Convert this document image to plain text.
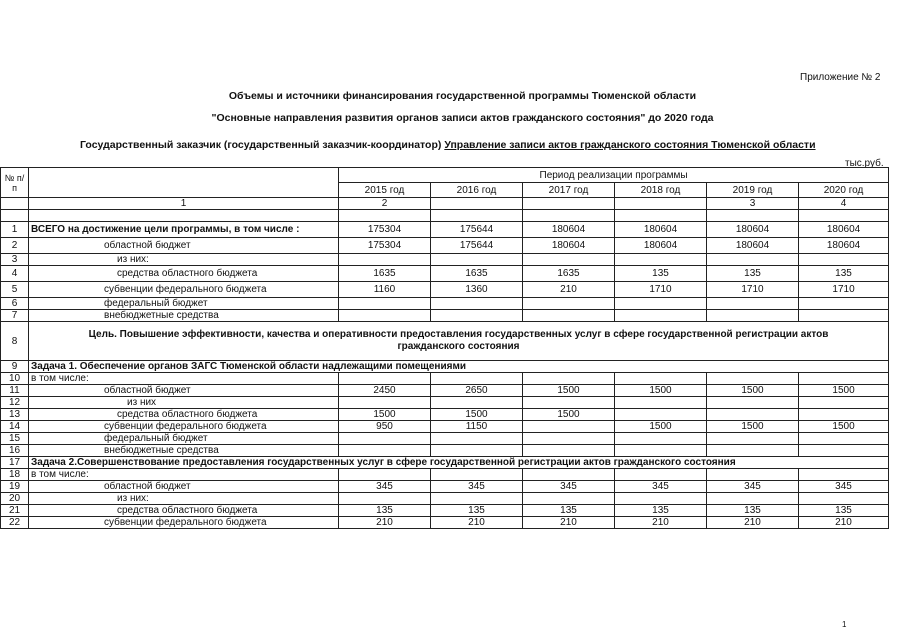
Приложение № 2
Объемы и источники финансирования государственной программы Тюменской области
"Основные направления развития органов записи актов гражданского состояния" до 2020 года
Государственный заказчик (государственный заказчик-координатор) Управление записи актов гражданского состояния Тюменской области
тыс.руб.
№ п/п		Период реализации программы					
		2015 год	2016 год	2017 год	2018 год	2019 год	2020 год
	1	2				3	4

1	ВСЕГО на достижение цели программы, в том числе :	175304	175644	180604	180604	180604	180604
2	областной бюджет	175304	175644	180604	180604	180604	180604
3	из них:						
4	средства областного бюджета	1635	1635	1635	135	135	135
5	субвенции федерального бюджета	1160	1360	210	1710	1710	1710
6	федеральный бюджет						
7	внебюджетные средства						
8	Цель. Повышение эффективности, качества и оперативности предоставления государственных услуг в сфере государственной регистрации актов гражданского состояния						
9	Задача 1. Обеспечение органов ЗАГС Тюменской области надлежащими помещениями						
10	в том числе:						
11	областной бюджет	2450	2650	1500	1500	1500	1500
12	из них						
13	средства областного бюджета	1500	1500	1500			
14	субвенции федерального бюджета	950	1150		1500	1500	1500
15	федеральный бюджет						
16	внебюджетные средства						
17	Задача 2.Совершенствование предоставления государственных услуг в сфере государственной регистрации актов гражданского состояния						
18	в том числе:						
19	областной бюджет	345	345	345	345	345	345
20	из них:						
21	средства областного бюджета	135	135	135	135	135	135
22	субвенции федерального бюджета	210	210	210	210	210	210
1
